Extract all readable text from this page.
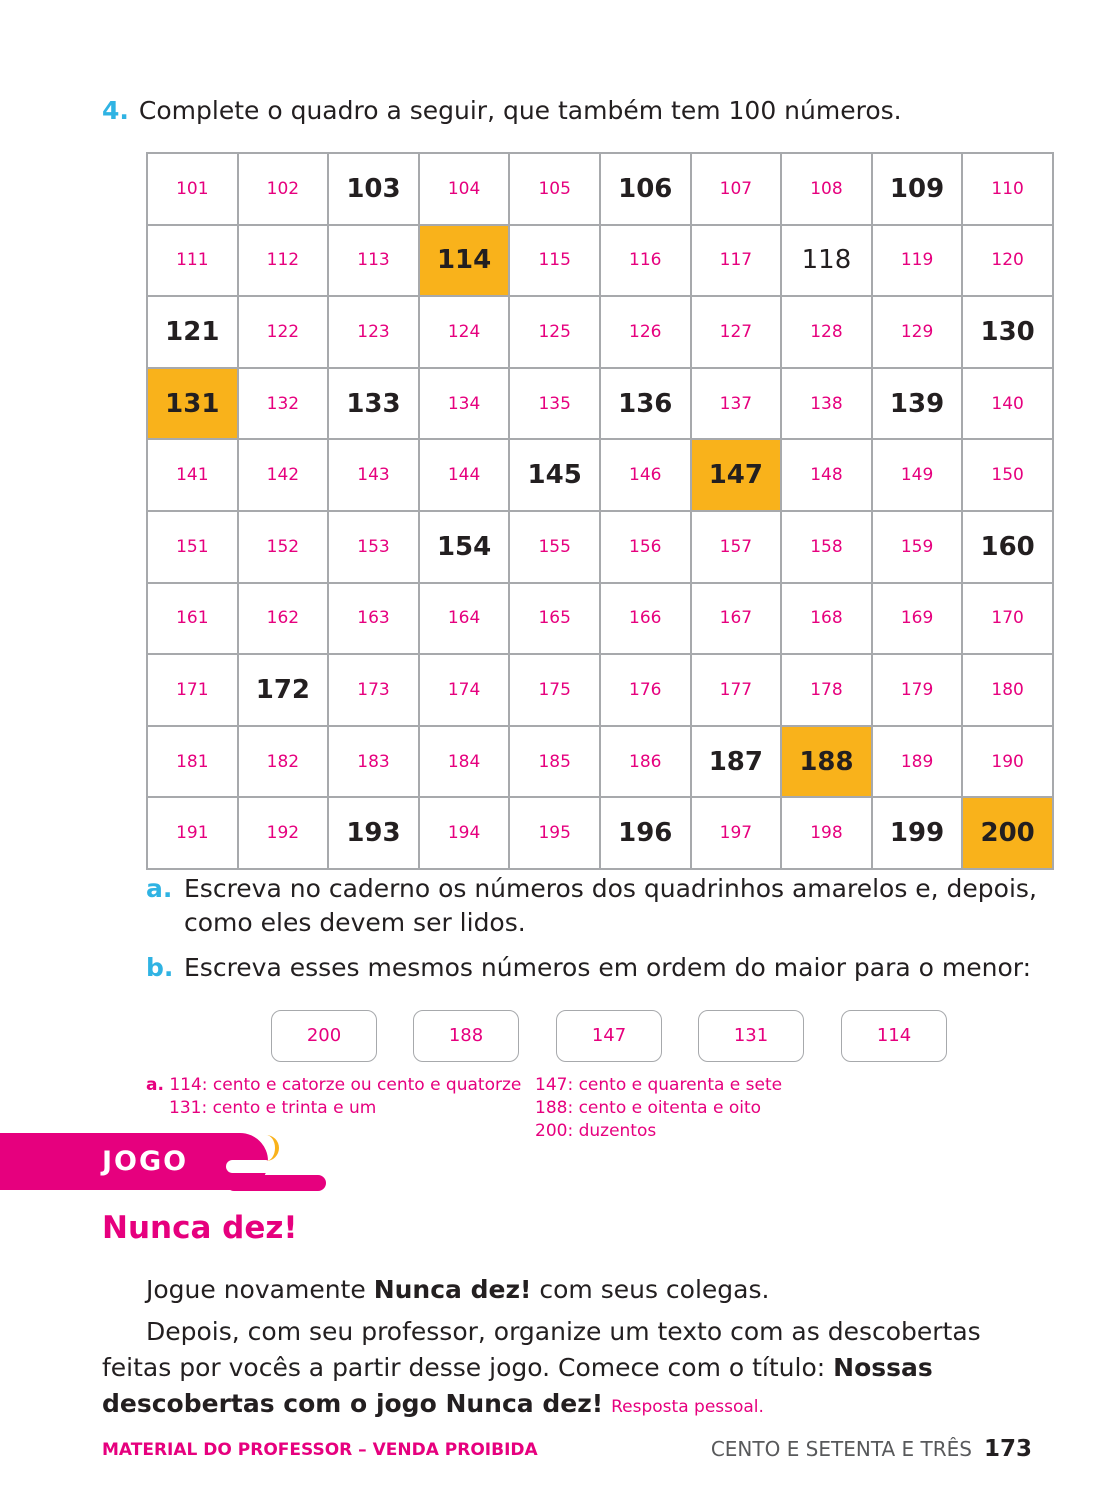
4. Complete o quadro a seguir, que também tem 100 números.
101	102	103	104	105	106	107	108	109	110
111	112	113	114	115	116	117	118	119	120
121	122	123	124	125	126	127	128	129	130
131	132	133	134	135	136	137	138	139	140
141	142	143	144	145	146	147	148	149	150
151	152	153	154	155	156	157	158	159	160
161	162	163	164	165	166	167	168	169	170
171	172	173	174	175	176	177	178	179	180
181	182	183	184	185	186	187	188	189	190
191	192	193	194	195	196	197	198	199	200
a. Escreva no caderno os números dos quadrinhos amarelos e, depois, como eles devem ser lidos.
b. Escreva esses mesmos números em ordem do maior para o menor:
200	188	147	131	114
a. 114: cento e catorze ou cento e quatorze
131: cento e trinta e um
147: cento e quarenta e sete
188: cento e oitenta e oito
200: duzentos
JOGO
Nunca dez!
Jogue novamente Nunca dez! com seus colegas.
Depois, com seu professor, organize um texto com as descobertas feitas por vocês a partir desse jogo. Comece com o título: Nossas descobertas com o jogo Nunca dez! Resposta pessoal.
MATERIAL DO PROFESSOR – VENDA PROIBIDA	CENTO E SETENTA E TRÊS 173
